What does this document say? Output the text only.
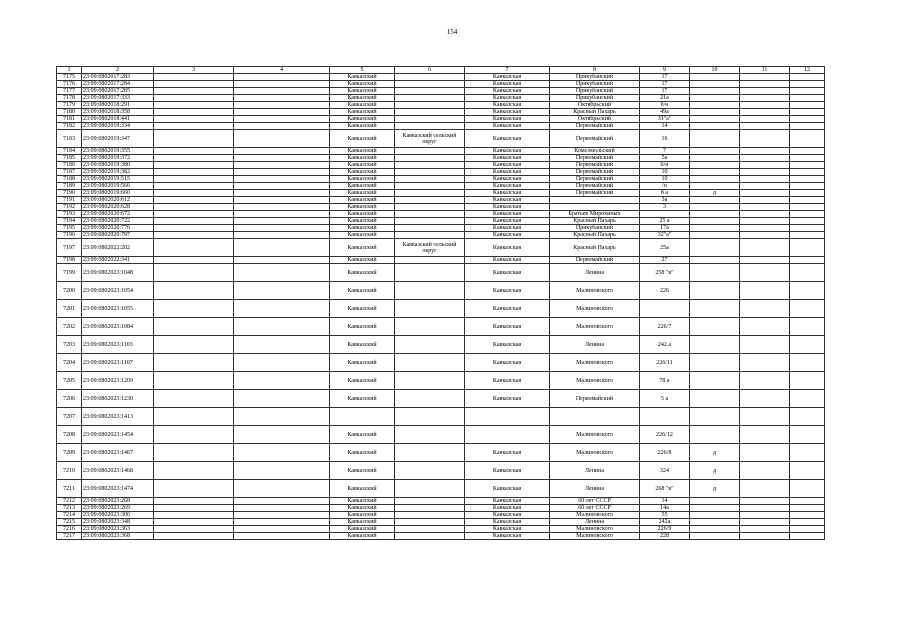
154
1	2	3	4	5	6	7	8	9	10	11	12
7175	23:09:0802017:283			Кавказский		Кавказская	Прикубанский	17			
7176	23:09:0802017:284			Кавказский		Кавказская	Прикубанский	17			
7177	23:09:0802017:285			Кавказский		Кавказская	Прикубанский	17			
7178	23:09:0802017:333			Кавказский		Кавказская	Прикубанский	21а			
7179	23:09:0802018:291			Кавказский		Кавказская	Октябрьский	б/н			
7180	23:09:0802018:358			Кавказский		Кавказская	Красный Пахарь	49а			
7181	23:09:0802018:441			Кавказский		Кавказская	Октябрьский	31"а"			
7182	23:09:0802019:334			Кавказский		Кавказская	Первомайский	14			
7183	23:09:0802019:347			Кавказский	Кавказский сельский округ	Кавказская	Первомайский	16			
7184	23:09:0802019:355			Кавказский		Кавказская	Комсомольский	7			
7185	23:09:0802019:372			Кавказский		Кавказская	Первомайский	5а			
7186	23:09:0802019:380			Кавказский		Кавказская	Первомайский	б/н			
7187	23:09:0802019:382			Кавказский		Кавказская	Первомайский	10			
7188	23:09:0802019:515			Кавказский		Кавказская	Первомайский	10			
7189	23:09:0802019:566			Кавказский		Кавказская	Первомайский	/п			
7190	23:09:0802019:660			Кавказский		Кавказская	Первомайский	8 а	д		
7191	23:09:0802020:612			Кавказский		Кавказская		3а			
7192	23:09:0802020:628			Кавказский		Кавказская		3			
7193	23:09:0802020:672			Кавказский		Кавказская	Братьев Мирохиных				
7194	23:09:0802020:722			Кавказский		Кавказская	Красный Пахарь	25 а			
7195	23:09:0802020:776			Кавказский		Кавказская	Прикубанский	17а			
7196	23:09:0802020:797			Кавказский		Кавказская	Красный Пахарь	32"а"			
7197	23:09:0802022:202			Кавказский	Кавказский сельский округ	Кавказская	Красный Пахарь	25а			
7198	23:09:0802022:341			Кавказский		Кавказская	Первомайский	27			
7199	23:09:0802023:1048			Кавказский		Кавказская	Ленина	258 "в"			
7200	23:09:0802023:1054			Кавказский		Кавказская	Малиновского	226			
7201	23:09:0802023:1055			Кавказский		Кавказская	Малиновского				
7202	23:09:0802023:1084			Кавказский		Кавказская	Малиновского	226/7			
7203	23:09:0802023:1103			Кавказский		Кавказская	Ленина	242 а			
7204	23:09:0802023:1107			Кавказский		Кавказская	Малиновского	226/11			
7205	23:09:0802023:1209			Кавказский		Кавказская	Малиновского	78 а			
7206	23:09:0802023:1230			Кавказский		Кавказская	Первомайский	5 а			
7207	23:09:0802023:1413										
7208	23:09:0802023:1454			Кавказский			Малиновского	226/12			
7209	23:09:0802023:1467			Кавказский		Кавказская	Малиновского	226/8	д		
7210	23:09:0802023:1468			Кавказский		Кавказская	Ленина	324	д		
7211	23:09:0802023:1474			Кавказский		Кавказская	Ленина	268 "в"	д		
7212	23:09:0802023:268			Кавказский		Кавказская	60 лет СССР	14			
7213	23:09:0802023:269			Кавказский		Кавказская	60 лет СССР	14а			
7214	23:09:0802023:306			Кавказский		Кавказская	Малиновского	55			
7215	23:09:0802023:348			Кавказский		Кавказская	Ленина	242а			
7216	23:09:0802023:363			Кавказский		Кавказская	Малиновского	226/9			
7217	23:09:0802023:368			Кавказский		Кавказская	Малиновского	228			
